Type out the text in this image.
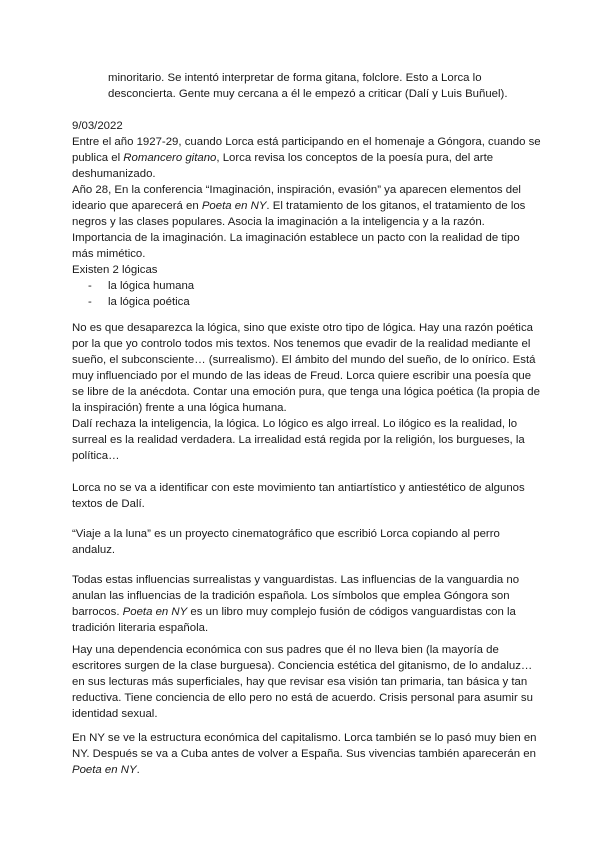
minoritario. Se intentó interpretar de forma gitana, folclore. Esto a Lorca lo desconcierta. Gente muy cercana a él le empezó a criticar (Dalí y Luis Buñuel).

9/03/2022

Entre el año 1927-29, cuando Lorca está participando en el homenaje a Góngora, cuando se publica el Romancero gitano, Lorca revisa los conceptos de la poesía pura, del arte deshumanizado.

Año 28, En la conferencia “Imaginación, inspiración, evasión” ya aparecen elementos del ideario que aparecerá en Poeta en NY. El tratamiento de los gitanos, el tratamiento de los negros y las clases populares. Asocia la imaginación a la inteligencia y a la razón. Importancia de la imaginación. La imaginación establece un pacto con la realidad de tipo más mimético.

Existen 2 lógicas

- la lógica humana
- la lógica poética

No es que desaparezca la lógica, sino que existe otro tipo de lógica. Hay una razón poética por la que yo controlo todos mis textos. Nos tenemos que evadir de la realidad mediante el sueño, el subconsciente… (surrealismo). El ámbito del mundo del sueño, de lo onírico. Está muy influenciado por el mundo de las ideas de Freud. Lorca quiere escribir una poesía que se libre de la anécdota. Contar una emoción pura, que tenga una lógica poética (la propia de la inspiración) frente a una lógica humana.

Dalí rechaza la inteligencia, la lógica. Lo lógico es algo irreal. Lo ilógico es la realidad, lo surreal es la realidad verdadera. La irrealidad está regida por la religión, los burgueses, la política…

Lorca no se va a identificar con este movimiento tan antiartístico y antiestético de algunos textos de Dalí.

“Viaje a la luna” es un proyecto cinematográfico que escribió Lorca copiando al perro andaluz.

Todas estas influencias surrealistas y vanguardistas. Las influencias de la vanguardia no anulan las influencias de la tradición española. Los símbolos que emplea Góngora son barrocos. Poeta en NY es un libro muy complejo fusión de códigos vanguardistas con la tradición literaria española.

Hay una dependencia económica con sus padres que él no lleva bien (la mayoría de escritores surgen de la clase burguesa). Conciencia estética del gitanismo, de lo andaluz… en sus lecturas más superficiales, hay que revisar esa visión tan primaria, tan básica y tan reductiva. Tiene conciencia de ello pero no está de acuerdo. Crisis personal para asumir su identidad sexual.

En NY se ve la estructura económica del capitalismo. Lorca también se lo pasó muy bien en NY. Después se va a Cuba antes de volver a España. Sus vivencias también aparecerán en Poeta en NY.
